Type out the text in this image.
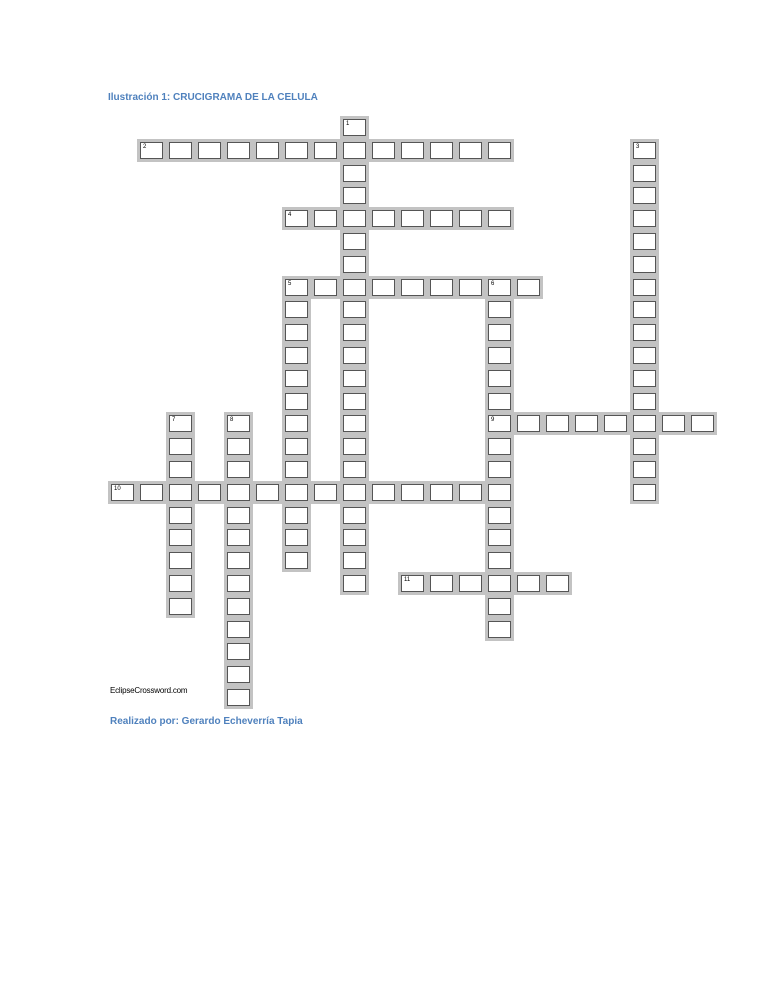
Ilustración 1: CRUCIGRAMA DE LA CELULA

1
2	3
4
5	6
9
7	8
10
11

EclipseCrossword.com

Realizado por: Gerardo Echeverría Tapia
